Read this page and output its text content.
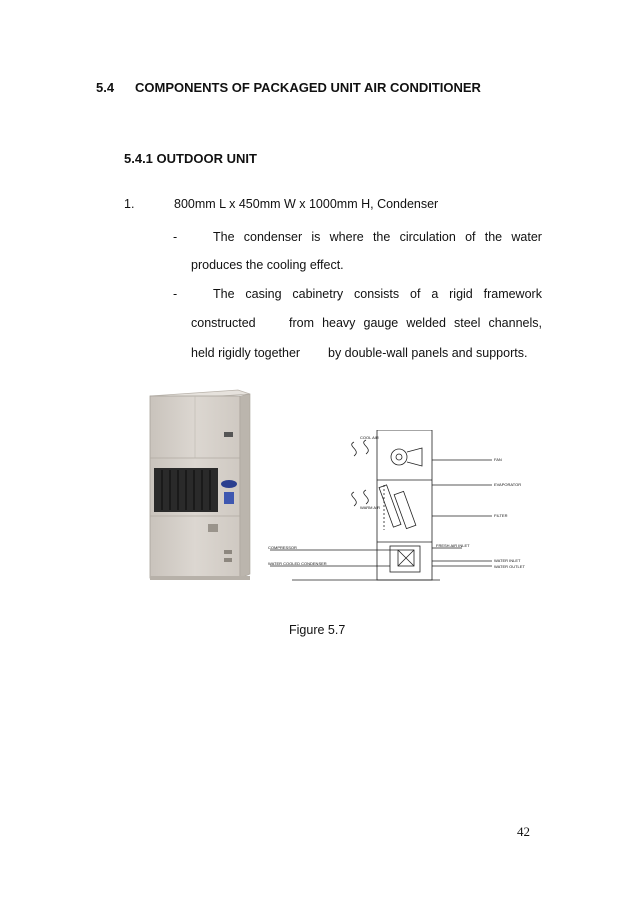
5.4 COMPONENTS OF PACKAGED UNIT AIR CONDITIONER
5.4.1 OUTDOOR UNIT
1.	800mm L x 450mm W x 1000mm H, Condenser
-	The condenser is where the circulation of the water
produces the cooling effect.
-	The casing cabinetry consists of a rigid framework
constructed	from heavy gauge welded steel channels,
held rigidly together by double-wall panels and supports.
COOL AIR
WARM AIR
FAN
EVAPORATOR
FILTER
FRESH AIR INLET
COMPRESSOR
WATER COOLED CONDENSER
WATER INLET
WATER OUTLET
Figure 5.7
42
